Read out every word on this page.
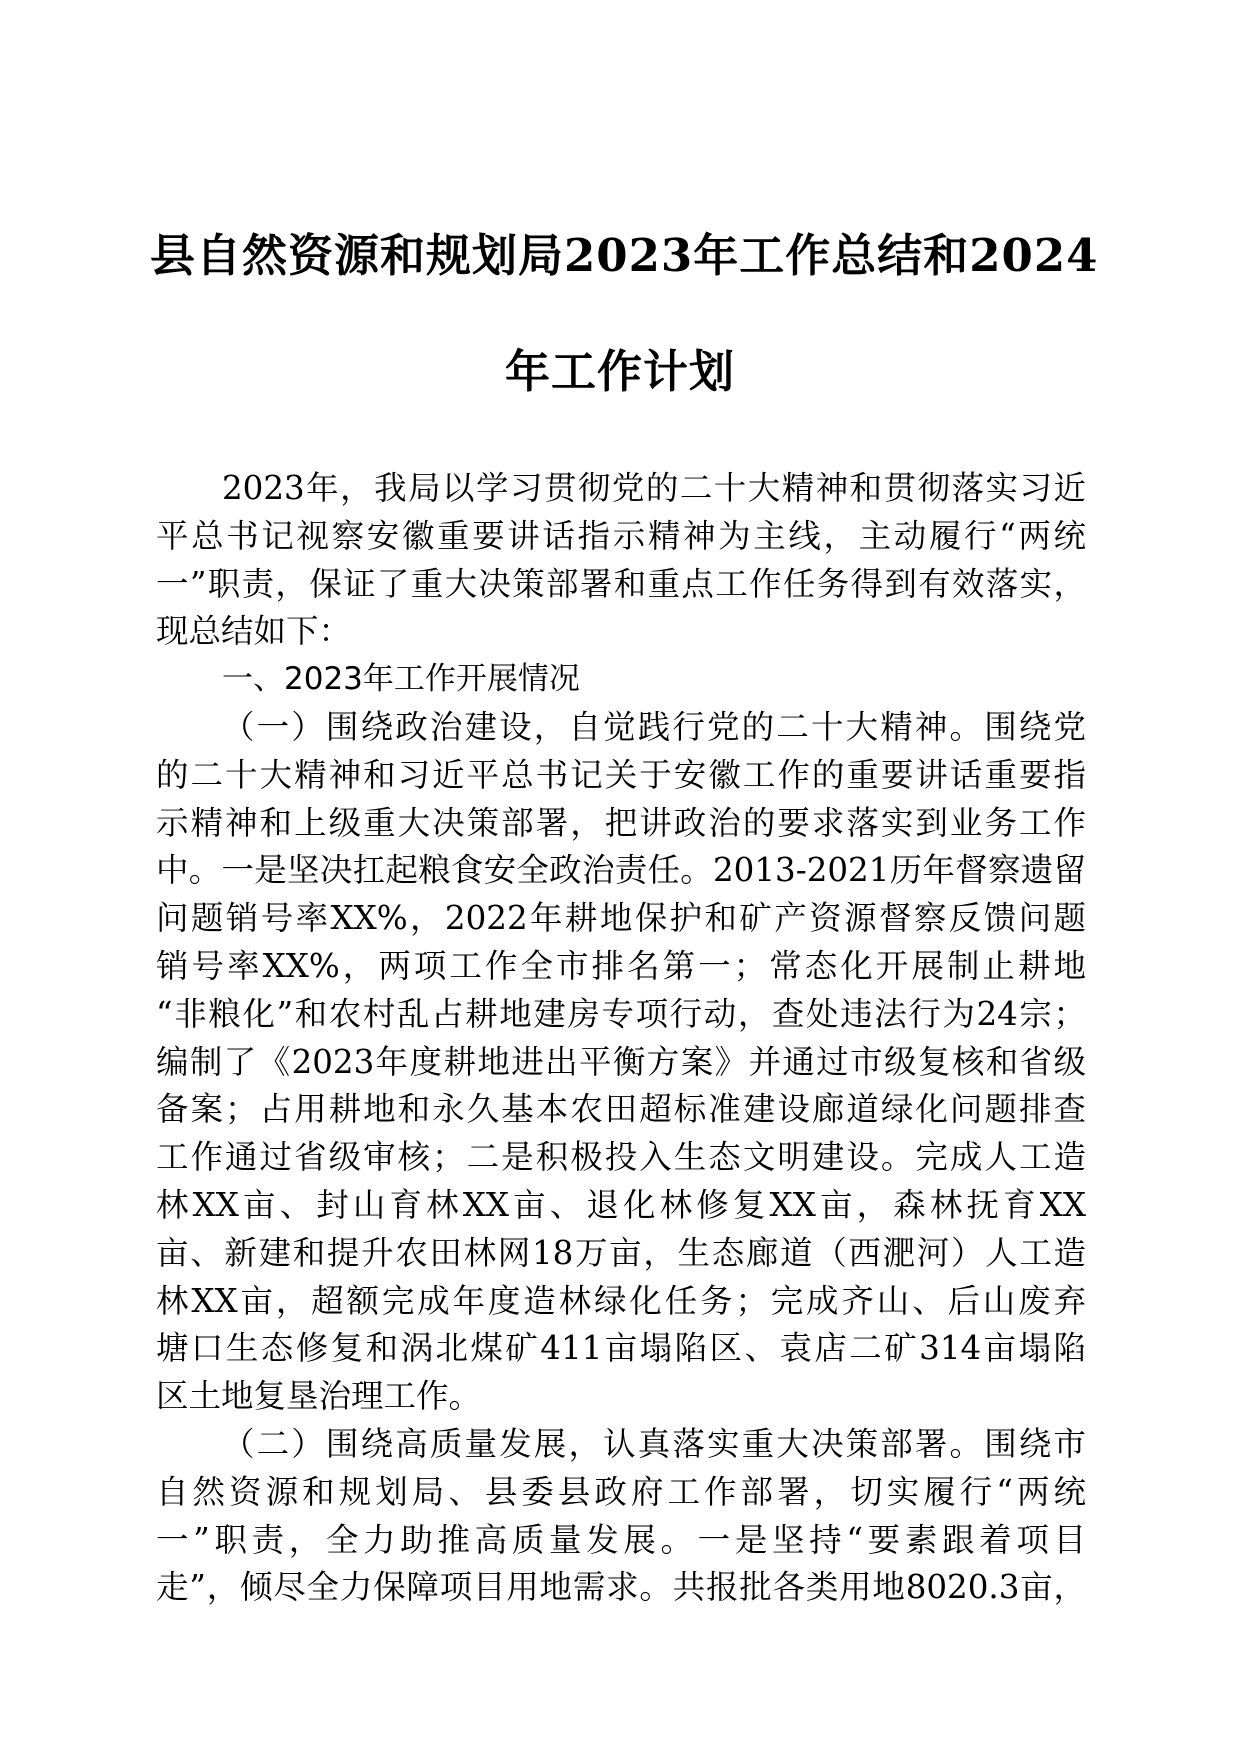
县自然资源和规划局2023年工作总结和2024
年工作计划
2023年，我局以学习贯彻党的二十大精神和贯彻落实习近
平总书记视察安徽重要讲话指示精神为主线，主动履行“两统
一”职责，保证了重大决策部署和重点工作任务得到有效落实，
现总结如下：
一、2023年工作开展情况
（一）围绕政治建设，自觉践行党的二十大精神。围绕党
的二十大精神和习近平总书记关于安徽工作的重要讲话重要指
示精神和上级重大决策部署，把讲政治的要求落实到业务工作
中。一是坚决扛起粮食安全政治责任。2013-2021历年督察遗留
问题销号率XX%，2022年耕地保护和矿产资源督察反馈问题
销号率XX%，两项工作全市排名第一；常态化开展制止耕地
“非粮化”和农村乱占耕地建房专项行动，查处违法行为24宗；
编制了《2023年度耕地进出平衡方案》并通过市级复核和省级
备案；占用耕地和永久基本农田超标准建设廊道绿化问题排查
工作通过省级审核；二是积极投入生态文明建设。完成人工造
林XX亩、封山育林XX亩、退化林修复XX亩，森林抚育XX
亩、新建和提升农田林网18万亩，生态廊道（西淝河）人工造
林XX亩，超额完成年度造林绿化任务；完成齐山、后山废弃
塘口生态修复和涡北煤矿411亩塌陷区、袁店二矿314亩塌陷
区土地复垦治理工作。
（二）围绕高质量发展，认真落实重大决策部署。围绕市
自然资源和规划局、县委县政府工作部署，切实履行“两统
一”职责，全力助推高质量发展。一是坚持“要素跟着项目
走”，倾尽全力保障项目用地需求。共报批各类用地8020.3亩，
